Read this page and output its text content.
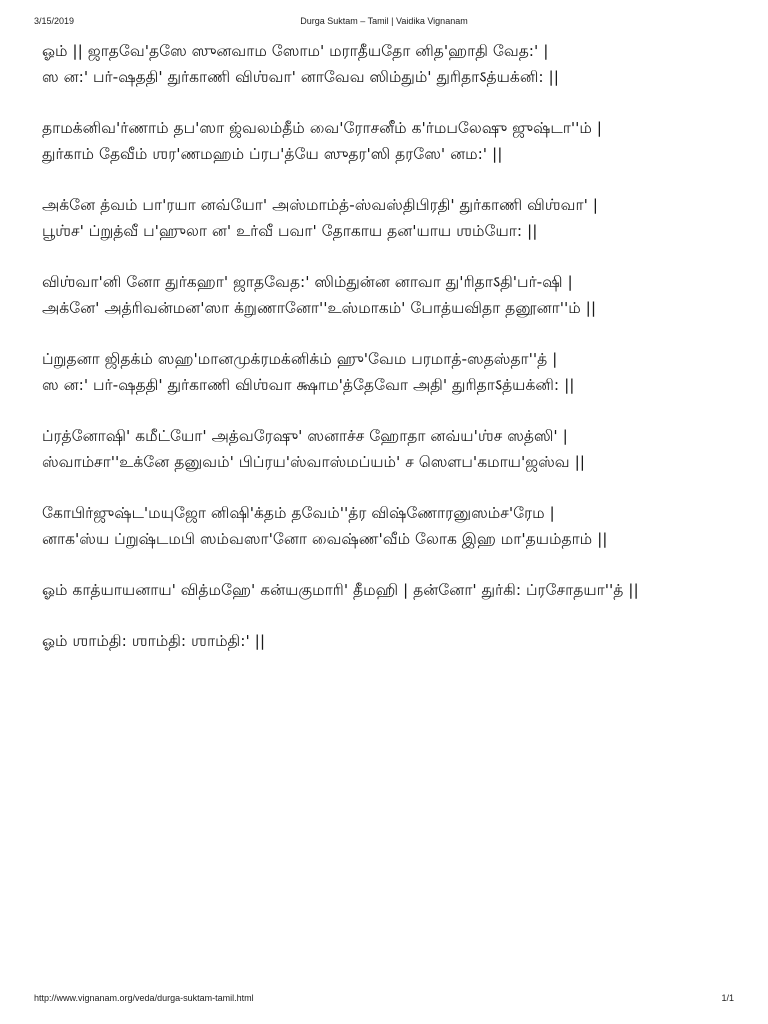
3/15/2019	Durga Suktam – Tamil | Vaidika Vignanam
ஓம் || ஜாதவே'தஸே ஸுனவாம ஸோம' மராதீயதோ னித'ஹாதி வேத:' |
ஸ ன:' பர்-ஷததி' துர்காணி விஶ்வா' னாவேவ ஸிம்தும்' துரிதாऽத்யக்னி: ||
தாமக்னிவ'ர்ணாம் தப'ஸா ஜ்வலம்தீம் வை'ரோசனீம் க'ர்மபலேஷு ஜுஷ்டா''ம் |
துர்காம் தேவீம் ஶர'ணமஹம் ப்ரப'த்யே ஸுதர'ஸி தரஸே' னம:' ||
அக்னே த்வம் பா'ரயா னவ்யோ' அஸ்மாம்த்-ஸ்வஸ்திபிரதி' துர்காணி விஶ்வா' |
பூஶ்ச' ப்றுத்வீ ப'ஹுலா ன' உர்வீ பவா' தோகாய தன'யாய ஶம்யோ: ||
விஶ்வா'னி னோ துர்கஹா' ஜாதவேத:' ஸிம்துன்ன னாவா து'ரிதாऽதி'பர்-ஷி |
அக்னே' அத்ரிவன்மன'ஸா க்றுணானோ''உஸ்மாகம்' போத்யவிதா தனூனா''ம் ||
ப்றுதனா ஜிதக்ம் ஸஹ'மானமுக்ரமக்னிக்ம் ஹு'வேம பரமாத்-ஸதஸ்தா''த் |
ஸ ன:' பர்-ஷததி' துர்காணி விஶ்வா க்ஷாம'த்தேவோ அதி' துரிதாऽத்யக்னி: ||
ப்ரத்னோஷி' கமீட்யோ' அத்வரேஷு' ஸனாச்ச ஹோதா னவ்ய'ஶ்ச ஸத்ஸி' |
ஸ்வாம்சா''உக்னே தனுவம்' பிப்ரய'ஸ்வாஸ்மப்யம்' ச ஸௌப'கமாய'ஜஸ்வ ||
கோபிர்ஜுஷ்ட'மயுஜோ னிஷி'க்தம் தவேம்''த்ர விஷ்ணோரனுஸம்ச'ரேம |
னாக'ஸ்ய ப்றுஷ்டமபி ஸம்வஸா'னோ வைஷ்ண'வீம் லோக இஹ மா'தயம்தாம் ||
ஓம் காத்யாயனாய' வித்மஹே' கன்யகுமாரி' தீமஹி | தன்னோ' துர்கி: ப்ரசோதயா''த் ||
ஓம் ஶாம்தி: ஶாம்தி: ஶாம்தி:' ||
http://www.vignanam.org/veda/durga-suktam-tamil.html	1/1
